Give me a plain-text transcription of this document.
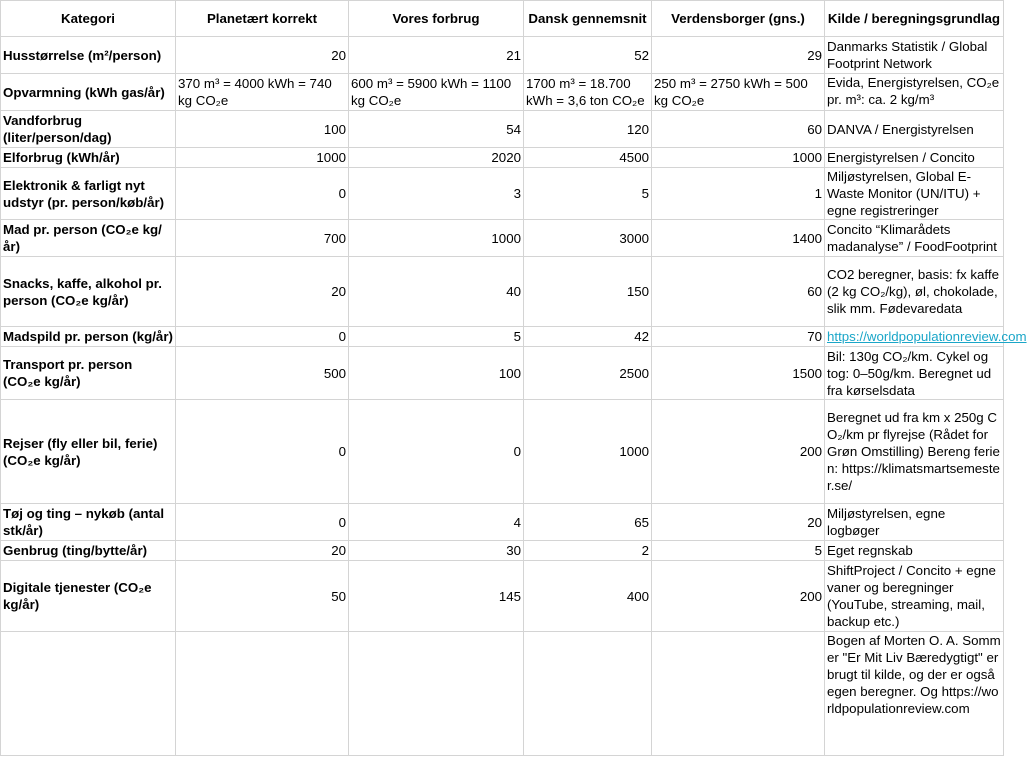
Kategori	Planetært korrekt	Vores forbrug	Dansk gennemsnit	Verdensborger (gns.)	Kilde / beregningsgrundlag
Husstørrelse (m²/person)	20	21	52	29	Danmarks Statistik / Global Footprint Network
Opvarmning (kWh gas/år)	370 m³ = 4000 kWh = 740 kg CO₂e	600 m³ = 5900 kWh = 1100 kg CO₂e	1700 m³ = 18.700 kWh = 3,6 ton CO₂e	250 m³ = 2750 kWh = 500 kg CO₂e	Evida, Energistyrelsen, CO₂e pr. m³: ca. 2 kg/m³
Vandforbrug (liter/person/dag)	100	54	120	60	DANVA / Energistyrelsen
Elforbrug (kWh/år)	1000	2020	4500	1000	Energistyrelsen / Concito
Elektronik & farligt nyt udstyr (pr. person/køb/år)	0	3	5	1	Miljøstyrelsen, Global E-Waste Monitor (UN/ITU) + egne registreringer
Mad pr. person (CO₂e kg/år)	700	1000	3000	1400	Concito “Klimarådets madanalyse” / FoodFootprint
Snacks, kaffe, alkohol pr. person (CO₂e kg/år)	20	40	150	60	CO2 beregner, basis: fx kaffe (2 kg CO₂/kg), øl, chokolade, slik mm. Fødevaredata
Madspild pr. person (kg/år)	0	5	42	70	https://worldpopulationreview.com
Transport pr. person (CO₂e kg/år)	500	100	2500	1500	Bil: 130g CO₂/km. Cykel og tog: 0–50g/km. Beregnet ud fra kørselsdata
Rejser (fly eller bil, ferie) (CO₂e kg/år)	0	0	1000	200	Beregnet ud fra km x 250g CO₂/km pr flyrejse (Rådet for Grøn Omstilling) Bereng ferien: https://klimatsmartsemester.se/
Tøj og ting – nykøb (antal stk/år)	0	4	65	20	Miljøstyrelsen, egne logbøger
Genbrug (ting/bytte/år)	20	30	2	5	Eget regnskab
Digitale tjenester (CO₂e kg/år)	50	145	400	200	ShiftProject / Concito + egne vaner og beregninger (YouTube, streaming, mail, backup etc.)
					Bogen af Morten O. A. Sommer "Er Mit Liv Bæredygtigt" er brugt til kilde, og der er også egen beregner. Og https://worldpopulationreview.com
